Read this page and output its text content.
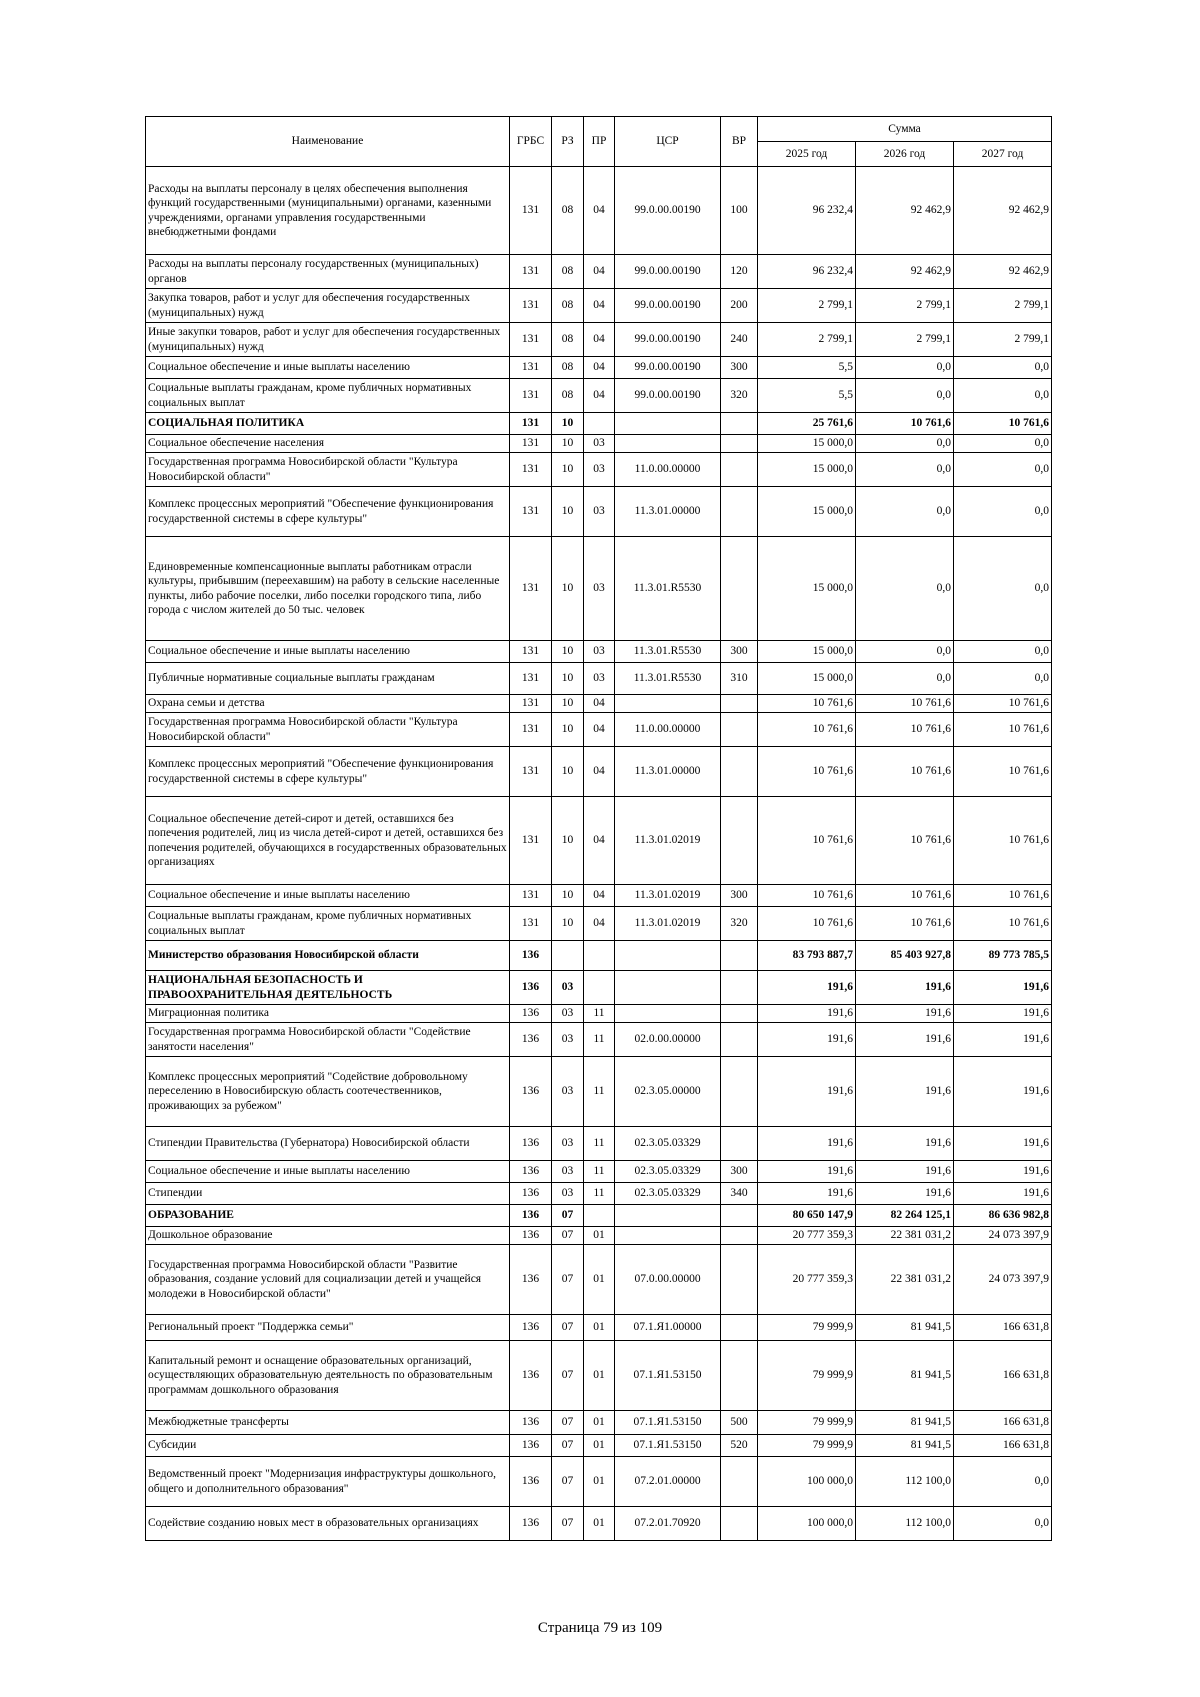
Наименование	ГРБС	РЗ	ПР	ЦСР	ВР	Сумма		
						2025 год	2026 год	2027 год
Расходы на выплаты персоналу в целях обеспечения выполнения функций государственными (муниципальными) органами, казенными учреждениями, органами управления государственными внебюджетными фондами	131	08	04	99.0.00.00190	100	96 232,4	92 462,9	92 462,9
Расходы на выплаты персоналу государственных (муниципальных) органов	131	08	04	99.0.00.00190	120	96 232,4	92 462,9	92 462,9
Закупка товаров, работ и услуг для обеспечения государственных (муниципальных) нужд	131	08	04	99.0.00.00190	200	2 799,1	2 799,1	2 799,1
Иные закупки товаров, работ и услуг для обеспечения государственных (муниципальных) нужд	131	08	04	99.0.00.00190	240	2 799,1	2 799,1	2 799,1
Социальное обеспечение и иные выплаты населению	131	08	04	99.0.00.00190	300	5,5	0,0	0,0
Социальные выплаты гражданам, кроме публичных нормативных социальных выплат	131	08	04	99.0.00.00190	320	5,5	0,0	0,0
СОЦИАЛЬНАЯ ПОЛИТИКА	131	10				25 761,6	10 761,6	10 761,6
Социальное обеспечение населения	131	10	03			15 000,0	0,0	0,0
Государственная программа Новосибирской области "Культура Новосибирской области"	131	10	03	11.0.00.00000		15 000,0	0,0	0,0
Комплекс процессных мероприятий "Обеспечение функционирования государственной системы в сфере культуры"	131	10	03	11.3.01.00000		15 000,0	0,0	0,0
Единовременные компенсационные выплаты работникам отрасли культуры, прибывшим (переехавшим) на работу в сельские населенные пункты, либо рабочие поселки, либо поселки городского типа, либо города с числом жителей до 50 тыс. человек	131	10	03	11.3.01.R5530		15 000,0	0,0	0,0
Социальное обеспечение и иные выплаты населению	131	10	03	11.3.01.R5530	300	15 000,0	0,0	0,0
Публичные нормативные социальные выплаты гражданам	131	10	03	11.3.01.R5530	310	15 000,0	0,0	0,0
Охрана семьи и детства	131	10	04			10 761,6	10 761,6	10 761,6
Государственная программа Новосибирской области "Культура Новосибирской области"	131	10	04	11.0.00.00000		10 761,6	10 761,6	10 761,6
Комплекс процессных мероприятий "Обеспечение функционирования государственной системы в сфере культуры"	131	10	04	11.3.01.00000		10 761,6	10 761,6	10 761,6
Социальное обеспечение детей-сирот и детей, оставшихся без попечения родителей, лиц из числа детей-сирот и детей, оставшихся без попечения родителей, обучающихся в государственных образовательных организациях	131	10	04	11.3.01.02019		10 761,6	10 761,6	10 761,6
Социальное обеспечение и иные выплаты населению	131	10	04	11.3.01.02019	300	10 761,6	10 761,6	10 761,6
Социальные выплаты гражданам, кроме публичных нормативных социальных выплат	131	10	04	11.3.01.02019	320	10 761,6	10 761,6	10 761,6
Министерство образования Новосибирской области	136					83 793 887,7	85 403 927,8	89 773 785,5
НАЦИОНАЛЬНАЯ БЕЗОПАСНОСТЬ И ПРАВООХРАНИТЕЛЬНАЯ ДЕЯТЕЛЬНОСТЬ	136	03				191,6	191,6	191,6
Миграционная политика	136	03	11			191,6	191,6	191,6
Государственная программа Новосибирской области "Содействие занятости населения"	136	03	11	02.0.00.00000		191,6	191,6	191,6
Комплекс процессных мероприятий "Содействие добровольному переселению в Новосибирскую область соотечественников, проживающих за рубежом"	136	03	11	02.3.05.00000		191,6	191,6	191,6
Стипендии Правительства (Губернатора) Новосибирской области	136	03	11	02.3.05.03329		191,6	191,6	191,6
Социальное обеспечение и иные выплаты населению	136	03	11	02.3.05.03329	300	191,6	191,6	191,6
Стипендии	136	03	11	02.3.05.03329	340	191,6	191,6	191,6
ОБРАЗОВАНИЕ	136	07				80 650 147,9	82 264 125,1	86 636 982,8
Дошкольное образование	136	07	01			20 777 359,3	22 381 031,2	24 073 397,9
Государственная программа Новосибирской области "Развитие образования, создание условий для социализации детей и учащейся молодежи в Новосибирской области"	136	07	01	07.0.00.00000		20 777 359,3	22 381 031,2	24 073 397,9
Региональный проект "Поддержка семьи"	136	07	01	07.1.Я1.00000		79 999,9	81 941,5	166 631,8
Капитальный ремонт и оснащение образовательных организаций, осуществляющих образовательную деятельность по образовательным программам дошкольного образования	136	07	01	07.1.Я1.53150		79 999,9	81 941,5	166 631,8
Межбюджетные трансферты	136	07	01	07.1.Я1.53150	500	79 999,9	81 941,5	166 631,8
Субсидии	136	07	01	07.1.Я1.53150	520	79 999,9	81 941,5	166 631,8
Ведомственный проект "Модернизация инфраструктуры дошкольного, общего и дополнительного образования"	136	07	01	07.2.01.00000		100 000,0	112 100,0	0,0
Содействие созданию новых мест в образовательных организациях	136	07	01	07.2.01.70920		100 000,0	112 100,0	0,0
Страница 79 из 109
